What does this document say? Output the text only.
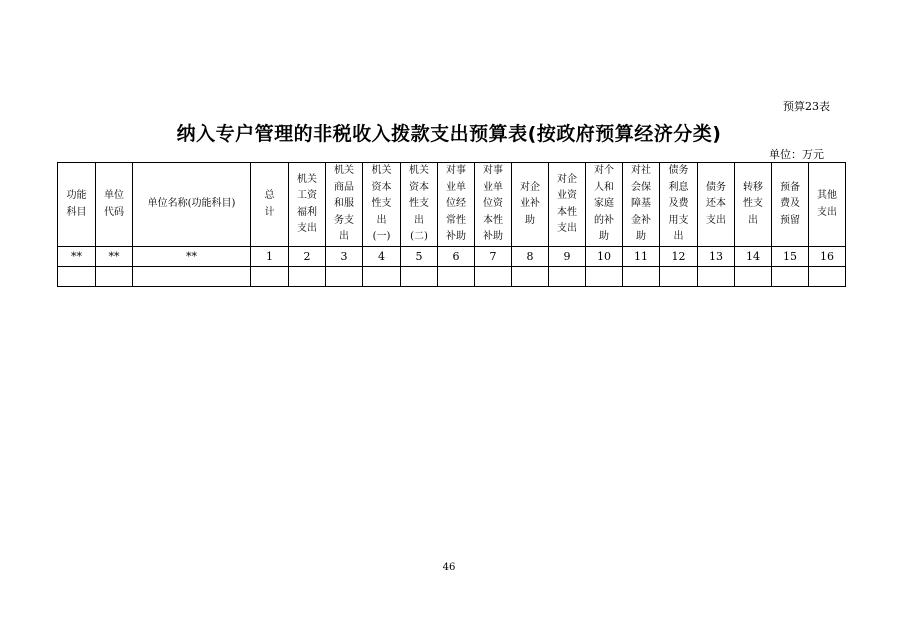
预算23表
纳入专户管理的非税收入拨款支出预算表(按政府预算经济分类)
单位：万元
功能科目	单位代码	单位名称(功能科目)	总计	机关工资福利支出	机关商品和服务支出	机关资本性支出(一)	机关资本性支出(二)	对事业单位经常性补助	对事业单位资本性补助	对企业补助	对企业资本性支出	对个人和家庭的补助	对社会保障基金补助	债务利息及费用支出	债务还本支出	转移性支出	预备费及预留	其他支出

**	**	**	1	2	3	4	5	6	7	8	9	10	11	12	13	14	15	16

46
